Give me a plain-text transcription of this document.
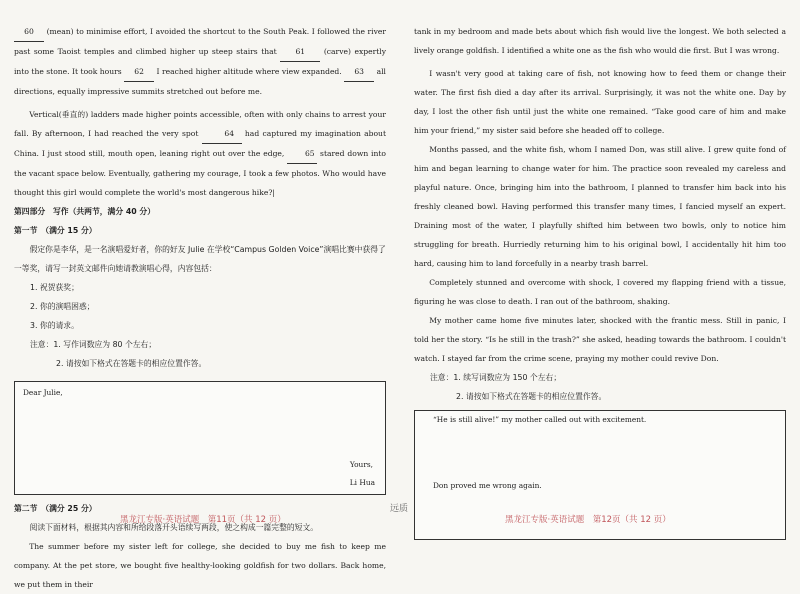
60 (mean) to minimise effort, I avoided the shortcut to the South Peak. I followed the river past some Taoist temples and climbed higher up steep stairs that 61 (carve) expertly into the stone. It took hours 62 I reached higher altitude where view expanded. 63 all directions, equally impressive summits stretched out before me.

Vertical(垂直的) ladders made higher points accessible, often with only chains to arrest your fall. By afternoon, I had reached the very spot	64 had captured my imagination about China. I just stood still, mouth open, leaning right out over the edge, 65 stared down into the vacant space below. Eventually, gathering my courage, I took a few photos. Who would have thought this girl would complete the world's most dangerous hike?|

第四部分　写作（共两节，满分 40 分）

第一节　（满分 15 分）

假定你是李华，是一名演唱爱好者，你的好友 Julie 在学校“Campus Golden Voice”演唱比赛中获得了一等奖，请写一封英文邮件向她请教演唱心得，内容包括：

1. 祝贺获奖；

2. 你的演唱困惑；

3. 你的请求。

注意：1. 写作词数应为 80 个左右；

2. 请按如下格式在答题卡的相应位置作答。

Dear Julie,
Yours,
Li Hua

第二节　（满分 25 分）

阅读下面材料，根据其内容和所给段落开头语续写两段，使之构成一篇完整的短文。

The summer before my sister left for college, she decided to buy me fish to keep me company. At the pet store, we bought five healthy-looking goldfish for two dollars. Back home, we put them in their

黑龙江专版·英语试题　第11页（共 12 页）
远质

tank in my bedroom and made bets about which fish would live the longest. We both selected a lively orange goldfish. I identified a white one as the fish who would die first. But I was wrong.

I wasn't very good at taking care of fish, not knowing how to feed them or change their water. The first fish died a day after its arrival. Surprisingly, it was not the white one. Day by day, I lost the other fish until just the white one remained. “Take good care of him and make him your friend,” my sister said before she headed off to college.

Months passed, and the white fish, whom I named Don, was still alive. I grew quite fond of him and began learning to change water for him. The practice soon revealed my careless and playful nature. Once, bringing him into the bathroom, I planned to transfer him back into his freshly cleaned bowl. Having performed this transfer many times, I fancied myself an expert. Draining most of the water, I playfully shifted him between two bowls, only to notice him struggling for breath. Hurriedly returning him to his original bowl, I accidentally hit him too hard, causing him to land forcefully in a nearby trash barrel.

Completely stunned and overcome with shock, I covered my flapping friend with a tissue, figuring he was close to death. I ran out of the bathroom, shaking.

My mother came home five minutes later, shocked with the frantic mess. Still in panic, I told her the story. “Is he still in the trash?” she asked, heading towards the bathroom. I couldn't watch. I stayed far from the crime scene, praying my mother could revive Don.

注意：1. 续写词数应为 150 个左右；

2. 请按如下格式在答题卡的相应位置作答。

“He is still alive!” my mother called out with excitement.
Don proved me wrong again.
黑龙江专版·英语试题　第12页（共 12 页）
